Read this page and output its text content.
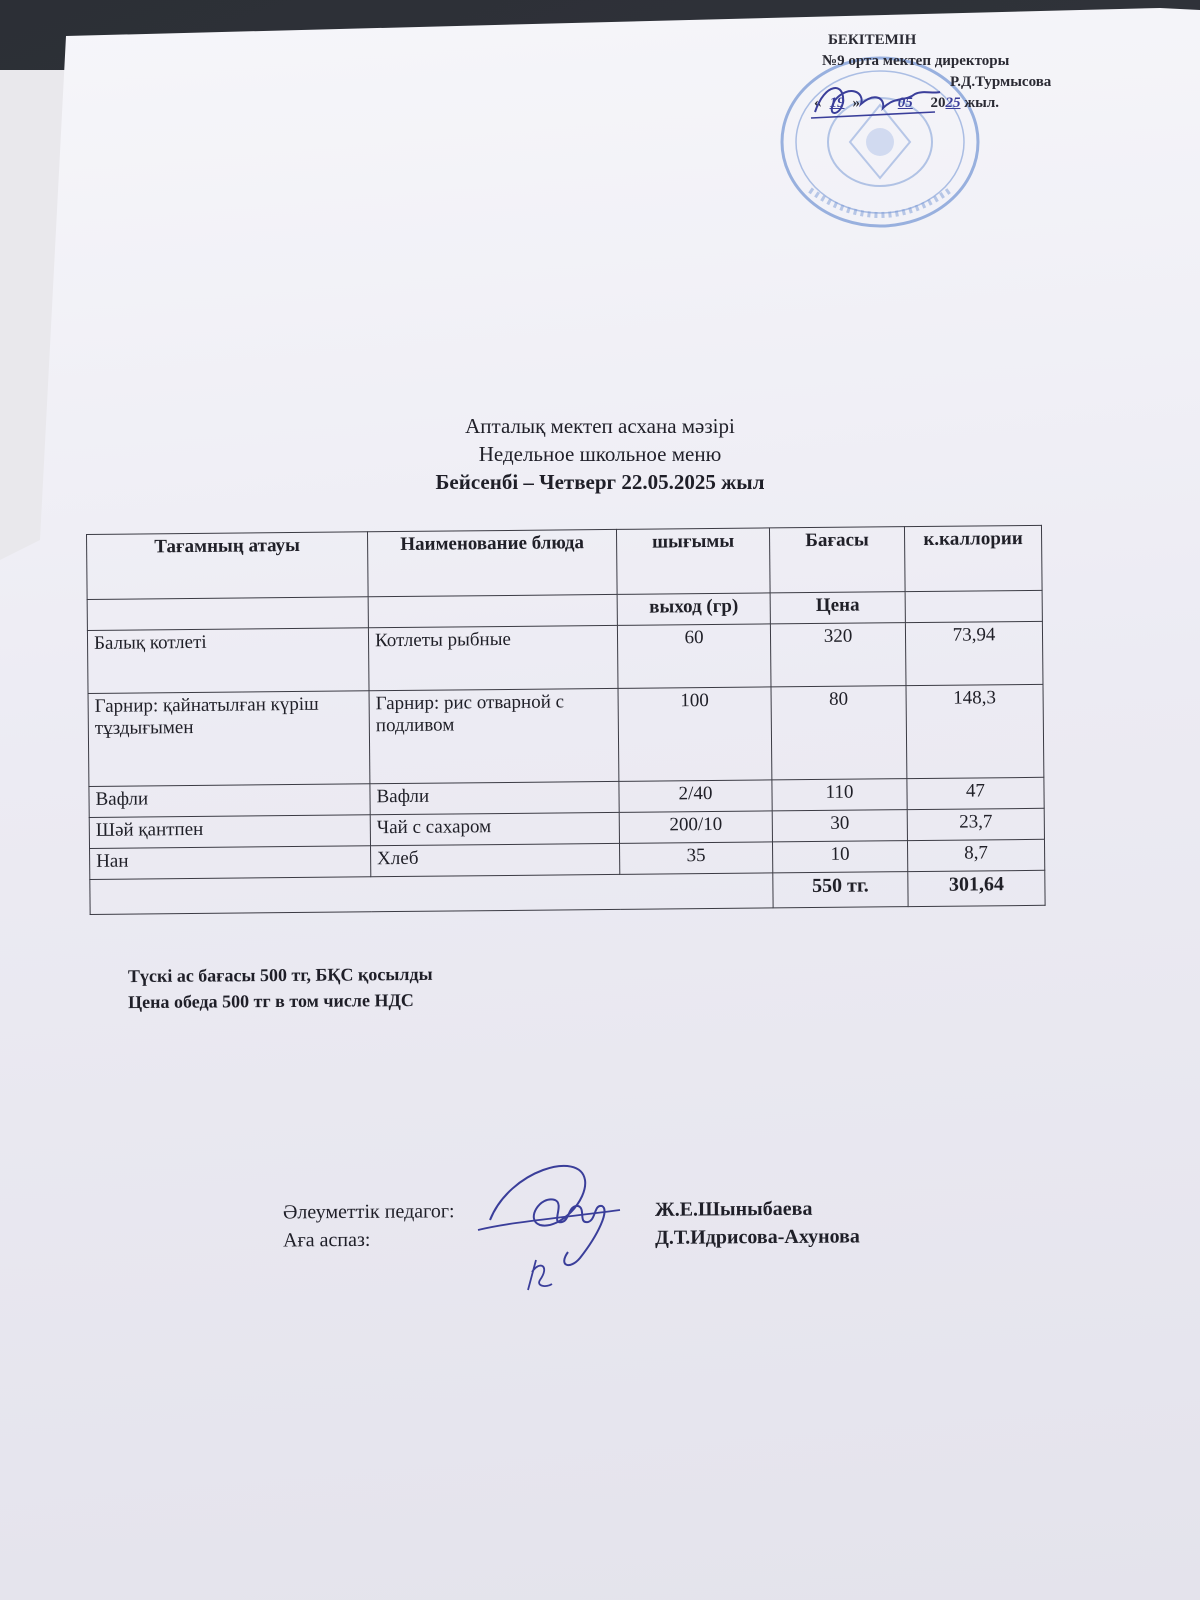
БЕКІТЕМІН
№9 орта мектеп директоры
Р.Д.Турмысова
« 19 » 05 2025 жыл.
Апталық мектеп асхана мәзірі
Недельное школьное меню
Бейсенбі – Четверг 22.05.2025 жыл
Тағамның атауы	Наименование блюда	шығымы	Бағасы	к.каллории
		выход (гр)	Цена	
Балық котлеті	Котлеты рыбные	60	320	73,94
Гарнир: қайнатылған күріш тұздығымен	Гарнир: рис отварной с подливом	100	80	148,3
Вафли	Вафли	2/40	110	47
Шәй қантпен	Чай с сахаром	200/10	30	23,7
Нан	Хлеб	35	10	8,7
			550 тг.	301,64
Түскі ас бағасы 500 тг, БҚС қосылды
Цена обеда 500 тг в том числе НДС
Әлеуметтік педагог:	Ж.Е.Шыныбаева
Аға аспаз:	Д.Т.Идрисова-Ахунова
